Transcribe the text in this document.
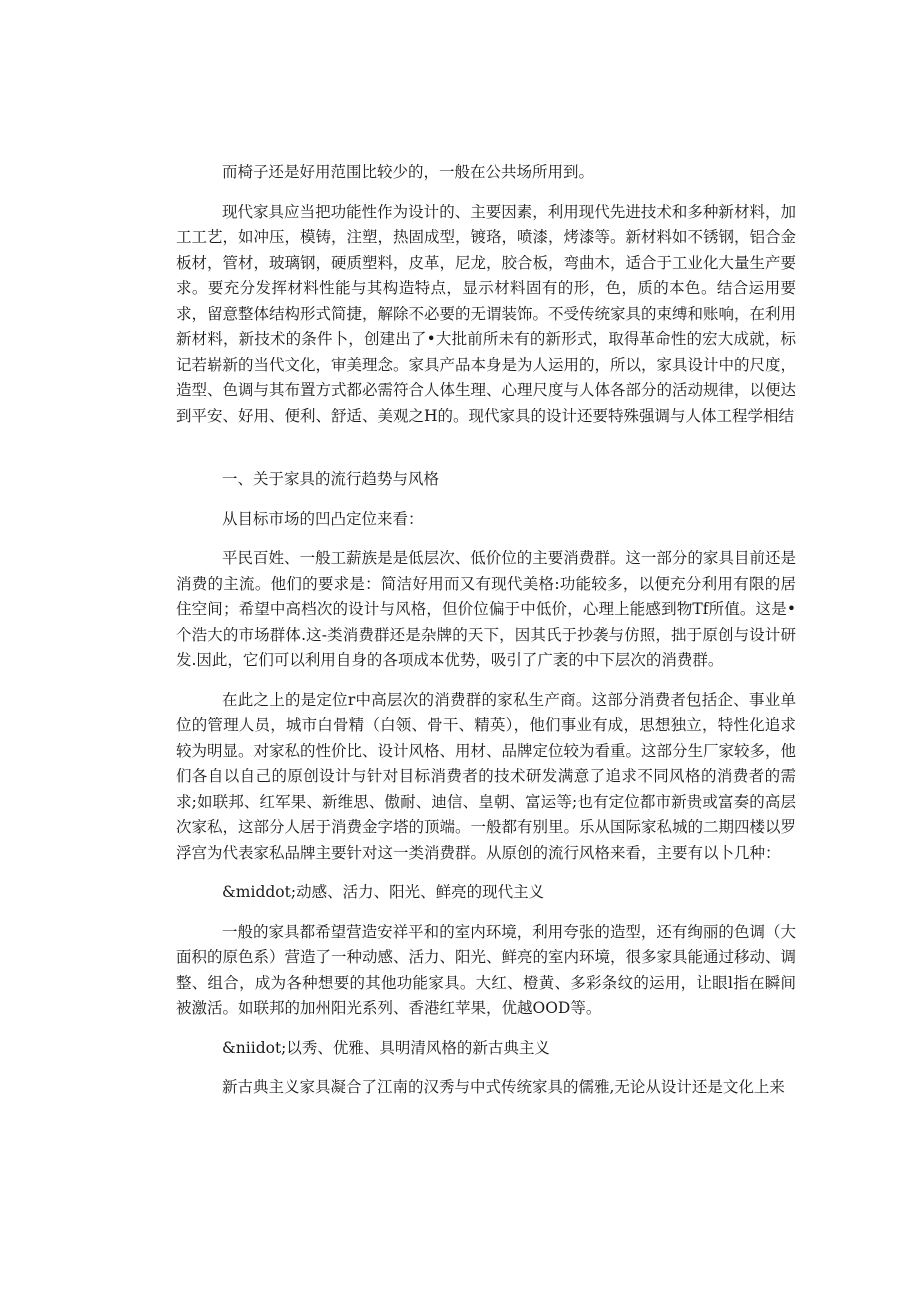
而椅子还是好用范围比较少的，一般在公共场所用到。

现代家具应当把功能性作为设计的、主要因素，利用现代先进技术和多种新材料，加工工艺，如冲压，模铸，注塑，热固成型，镀珞，喷漆，烤漆等。新材料如不锈钢，铝合金板材，管材，玻璃钢，硬质塑料，皮革，尼龙，胶合板，弯曲木，适合于工业化大量生产要求。要充分发挥材料性能与其构造特点，显示材料固有的形，色，质的本色。结合运用要求，留意整体结构形式简捷，解除不必要的无谓装饰。不受传统家具的束缚和账响，在利用新材料，新技术的条件卜，创建出了•大批前所未有的新形式，取得革命性的宏大成就，标记若崭新的当代文化，审美理念。家具产品本身是为人运用的，所以，家具设计中的尺度，造型、色调与其布置方式都必需符合人体生理、心理尺度与人体各部分的活动规律，以便达到平安、好用、便利、舒适、美观之H的。现代家具的设计还要特殊强调与人体工程学相结

一、关于家具的流行趋势与风格

从目标市场的凹凸定位来看：

平民百姓、一般工薪族是是低层次、低价位的主要消费群。这一部分的家具目前还是消费的主流。他们的要求是：简洁好用而又有现代美格:功能较多，以便充分利用有限的居住空间；希望中高档次的设计与风格，但价位偏于中低价，心理上能感到物Tf所值。这是•个浩大的市场群体.这-类消费群还是杂牌的天下，因其氏于抄袭与仿照，拙于原创与设计研发.因此，它们可以利用自身的各项成本优势，吸引了广袤的中下层次的消费群。

在此之上的是定位r中高层次的消费群的家私生产商。这部分消费者包括企、事业单位的管理人员，城市白骨精（白领、骨干、精英），他们事业有成，思想独立，特性化追求较为明显。对家私的性价比、设计风格、用材、品牌定位较为看重。这部分生厂家较多，他们各自以自己的原创设计与针对目标消费者的技术研发满意了追求不同风格的消费者的需求;如联邦、红军果、新维思、傲耐、迪信、皇朝、富运等;也有定位都市新贵或富奏的高层次家私，这部分人居于消费金字塔的顶端。一般都有别里。乐从国际家私城的二期四楼以罗浮宫为代表家私品牌主要针对这一类消费群。从原创的流行风格来看，主要有以卜几种：

&middot;动感、活力、阳光、鲜亮的现代主义

一般的家具都希望营造安祥平和的室内环境，利用夸张的造型，还有绚丽的色调（大面积的原色系）营造了一种动感、活力、阳光、鲜亮的室内环境，很多家具能通过移动、调整、组合，成为各种想要的其他功能家具。大红、橙黄、多彩条纹的运用，让眼l指在瞬间被激活。如联邦的加州阳光系列、香港红苹果，优越OOD等。

&niidot;以秀、优雅、具明清风格的新古典主义

新古典主义家具凝合了江南的汉秀与中式传统家具的儒雅,无论从设计还是文化上来
